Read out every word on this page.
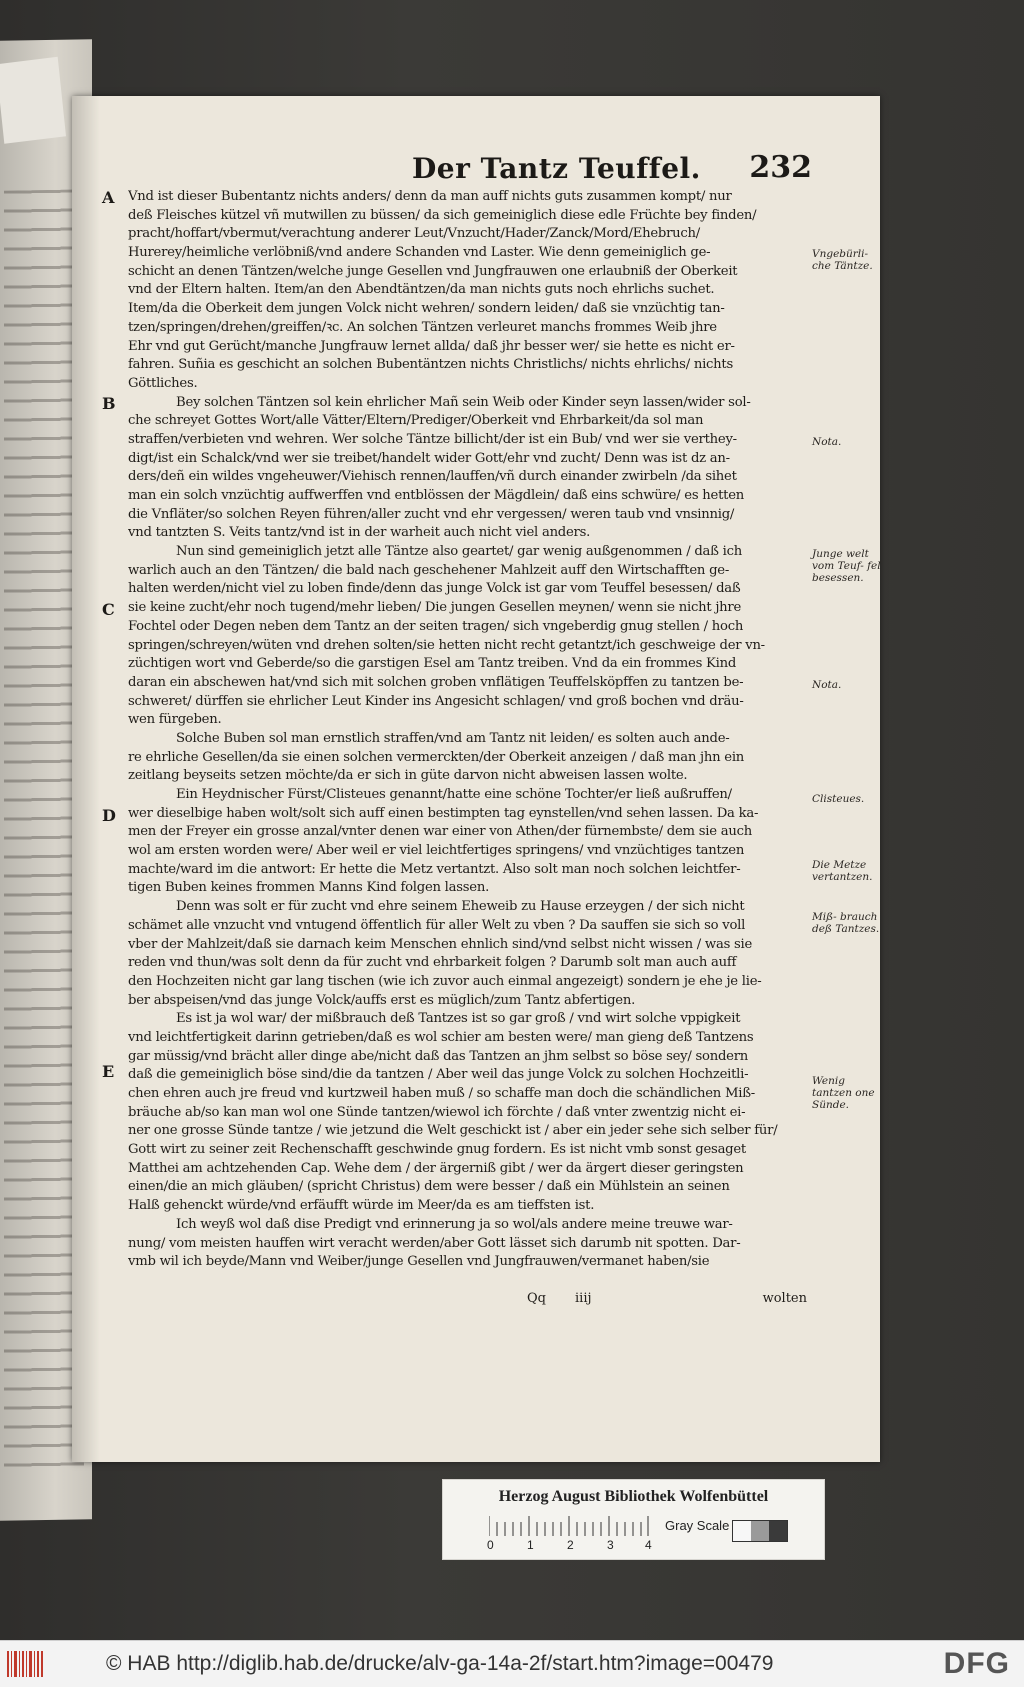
Der Tantz Teuffel. 232
A
B
C
D
E
Vnd ist dieser Bubentantz nichts anders/ denn da man auff nichts guts zusammen kompt/ nur
deß Fleisches kützel vñ mutwillen zu büssen/ da sich gemeiniglich diese edle Früchte bey finden/
pracht/hoffart/vbermut/verachtung anderer Leut/Vnzucht/Hader/Zanck/Mord/Ehebruch/
Hurerey/heimliche verlöbniß/vnd andere Schanden vnd Laster. Wie denn gemeiniglich ge-
schicht an denen Täntzen/welche junge Gesellen vnd Jungfrauwen one erlaubniß der Oberkeit
vnd der Eltern halten. Item/an den Abendtäntzen/da man nichts guts noch ehrlichs suchet.
Item/da die Oberkeit dem jungen Volck nicht wehren/ sondern leiden/ daß sie vnzüchtig tan-
tzen/springen/drehen/greiffen/ꝛc. An solchen Täntzen verleuret manchs frommes Weib jhre
Ehr vnd gut Gerücht/manche Jungfrauw lernet allda/ daß jhr besser wer/ sie hette es nicht er-
fahren. Suñia es geschicht an solchen Bubentäntzen nichts Christlichs/ nichts ehrlichs/ nichts
Göttliches.
Bey solchen Täntzen sol kein ehrlicher Mañ sein Weib oder Kinder seyn lassen/wider sol-
che schreyet Gottes Wort/alle Vätter/Eltern/Prediger/Oberkeit vnd Ehrbarkeit/da sol man
straffen/verbieten vnd wehren. Wer solche Täntze billicht/der ist ein Bub/ vnd wer sie verthey-
digt/ist ein Schalck/vnd wer sie treibet/handelt wider Gott/ehr vnd zucht/ Denn was ist dz an-
ders/deñ ein wildes vngeheuwer/Viehisch rennen/lauffen/vñ durch einander zwirbeln /da sihet
man ein solch vnzüchtig auffwerffen vnd entblössen der Mägdlein/ daß eins schwüre/ es hetten
die Vnfläter/so solchen Reyen führen/aller zucht vnd ehr vergessen/ weren taub vnd vnsinnig/
vnd tantzten S. Veits tantz/vnd ist in der warheit auch nicht viel anders.
Nun sind gemeiniglich jetzt alle Täntze also geartet/ gar wenig außgenommen / daß ich
warlich auch an den Täntzen/ die bald nach geschehener Mahlzeit auff den Wirtschafften ge-
halten werden/nicht viel zu loben finde/denn das junge Volck ist gar vom Teuffel besessen/ daß
sie keine zucht/ehr noch tugend/mehr lieben/ Die jungen Gesellen meynen/ wenn sie nicht jhre
Fochtel oder Degen neben dem Tantz an der seiten tragen/ sich vngeberdig gnug stellen / hoch
springen/schreyen/wüten vnd drehen solten/sie hetten nicht recht getantzt/ich geschweige der vn-
züchtigen wort vnd Geberde/so die garstigen Esel am Tantz treiben. Vnd da ein frommes Kind
daran ein abschewen hat/vnd sich mit solchen groben vnflätigen Teuffelsköpffen zu tantzen be-
schweret/ dürffen sie ehrlicher Leut Kinder ins Angesicht schlagen/ vnd groß bochen vnd dräu-
wen fürgeben.
Solche Buben sol man ernstlich straffen/vnd am Tantz nit leiden/ es solten auch ande-
re ehrliche Gesellen/da sie einen solchen vermerckten/der Oberkeit anzeigen / daß man jhn ein
zeitlang beyseits setzen möchte/da er sich in güte darvon nicht abweisen lassen wolte.
Ein Heydnischer Fürst/Clisteues genannt/hatte eine schöne Tochter/er ließ außruffen/
wer dieselbige haben wolt/solt sich auff einen bestimpten tag eynstellen/vnd sehen lassen. Da ka-
men der Freyer ein grosse anzal/vnter denen war einer von Athen/der fürnembste/ dem sie auch
wol am ersten worden were/ Aber weil er viel leichtfertiges springens/ vnd vnzüchtiges tantzen
machte/ward im die antwort: Er hette die Metz vertantzt. Also solt man noch solchen leichtfer-
tigen Buben keines frommen Manns Kind folgen lassen.
Denn was solt er für zucht vnd ehre seinem Eheweib zu Hause erzeygen / der sich nicht
schämet alle vnzucht vnd vntugend öffentlich für aller Welt zu vben ? Da sauffen sie sich so voll
vber der Mahlzeit/daß sie darnach keim Menschen ehnlich sind/vnd selbst nicht wissen / was sie
reden vnd thun/was solt denn da für zucht vnd ehrbarkeit folgen ? Darumb solt man auch auff
den Hochzeiten nicht gar lang tischen (wie ich zuvor auch einmal angezeigt) sondern je ehe je lie-
ber abspeisen/vnd das junge Volck/auffs erst es müglich/zum Tantz abfertigen.
Es ist ja wol war/ der mißbrauch deß Tantzes ist so gar groß / vnd wirt solche vppigkeit
vnd leichtfertigkeit darinn getrieben/daß es wol schier am besten were/ man gieng deß Tantzens
gar müssig/vnd brächt aller dinge abe/nicht daß das Tantzen an jhm selbst so böse sey/ sondern
daß die gemeiniglich böse sind/die da tantzen / Aber weil das junge Volck zu solchen Hochzeitli-
chen ehren auch jre freud vnd kurtzweil haben muß / so schaffe man doch die schändlichen Miß-
bräuche ab/so kan man wol one Sünde tantzen/wiewol ich förchte / daß vnter zwentzig nicht ei-
ner one grosse Sünde tantze / wie jetzund die Welt geschickt ist / aber ein jeder sehe sich selber für/
Gott wirt zu seiner zeit Rechenschafft geschwinde gnug fordern. Es ist nicht vmb sonst gesaget
Matthei am achtzehenden Cap. Wehe dem / der ärgerniß gibt / wer da ärgert dieser geringsten
einen/die an mich gläuben/ (spricht Christus) dem were besser / daß ein Mühlstein an seinen
Halß gehenckt würde/vnd erfäufft würde im Meer/da es am tieffsten ist.
Ich weyß wol daß dise Predigt vnd erinnerung ja so wol/als andere meine treuwe war-
nung/ vom meisten hauffen wirt veracht werden/aber Gott lässet sich darumb nit spotten. Dar-
vmb wil ich beyde/Mann vnd Weiber/junge Gesellen vnd Jungfrauwen/vermanet haben/sie
Vngebürli- che Täntze.
Nota.
Junge welt vom Teuf- fel besessen.
Nota.
Clisteues.
Die Metze vertantzen.
Miß- brauch deß Tantzes.
Wenig tantzen one Sünde.
Qq iiij	wolten
Herzog August Bibliothek Wolfenbüttel
0	1	2	3	4
Gray Scale
© HAB http://diglib.hab.de/drucke/alv-ga-14a-2f/start.htm?image=00479	DFG
